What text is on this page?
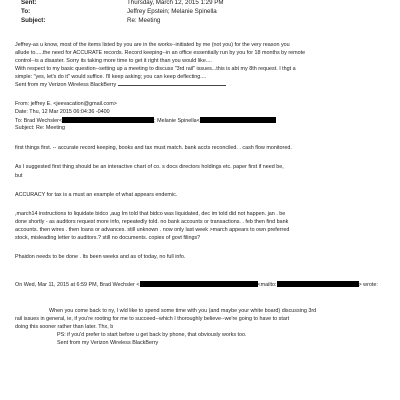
Sent:	Thursday, March 12, 2015 1:29 PM
To:	Jeffrey Epstein; Melanie Spinella
Subject:	Re: Meeting
Jeffrey-as u know, most of the items listed by you are in the works--initiated by me (not you) for the very reason you
allude to.....the need for ACCURATE records. Record keeping--in an office essentially run by you for 18 months by remote
control--is a disaster. Sorry its taking more time to get it right than you would like....
With respect to my basic question--setting up a meeting to discuss "3rd rail" issues...this is abt my 8th request. I thgt a
simple: "yes, let's do it" would suffice. I'll keep asking; you can keep deflecting....
Sent from my Verizon Wireless BlackBerry
From: jeffrey E. <jeevacation@gmail.com>
Date: Thu, 12 Mar 2015 06:04:36 -0400
To: Brad Wechsler<	; Melanie Spinella<
Subject: Re: Meeting
first things first. -- accurate record keeping, books and tax must match. bank accts reconciled. . cash flow monitored.
As I suggested first thing should be an interactive chart of co. s docs directors holdings etc. paper first if need be,
but
ACCURACY for tax is a must an example of what appears endemic.
,march14 instructions to liquidate bidco ,aug Im told that bidco was liquidated, dec im told did not happen. jan . be
done shortly - as auditors request more info, repeatedly told. no bank accounts or transactions. . feb then find bank
accounts. then wires . then loans or advances. still unknown . now only last week >march appears to own preferred
stock, misleading letter to auditors.? still no documents. copies of govt filings?
Phaidon needs to be done . Its been weeks and as of today, no full info.
On Wed, Mar 11, 2015 at 6:59 PM, Brad Wechsler <	<mailto:	> wrote:
When you come back to ny, I wld like to spend some time with you (and maybe your white board) discussing 3rd
rail issues in general, ie, if you're rooting for me to succeed--which I thoroughly believe--we're going to have to start
doing this sooner rather than later. Thx, b
PS: if you'd prefer to start before u get back by phone, that obviously works too.
Sent from my Verizon Wireless BlackBerry
